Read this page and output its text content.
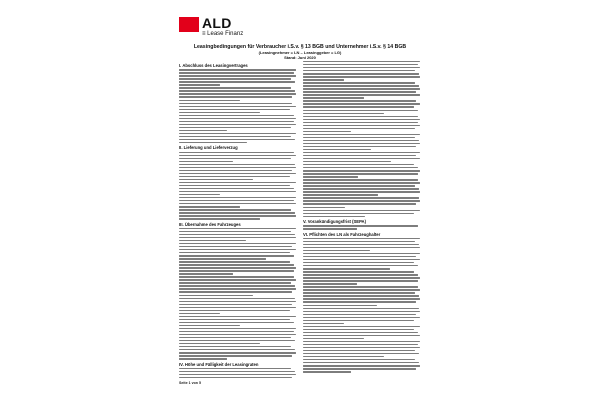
ALD
≡ Lease Finanz

Leasingbedingungen für Verbraucher i.S.v. § 13 BGB und Unternehmer i.S.v. § 14 BGB

(Leasingnehmer = LN – Leasinggeber = LG)

Stand: Juni 2020

I. Abschluss des Leasingvertrages
II. Lieferung und Lieferverzug
III. Übernahme des Fahrzeuges
IV. Höhe und Fälligkeit der Leasingraten
V. Vorankündigungsfrist (SEPA)
VI. Pflichten des LN als Fahrzeughalter
Seite 1 von 5
